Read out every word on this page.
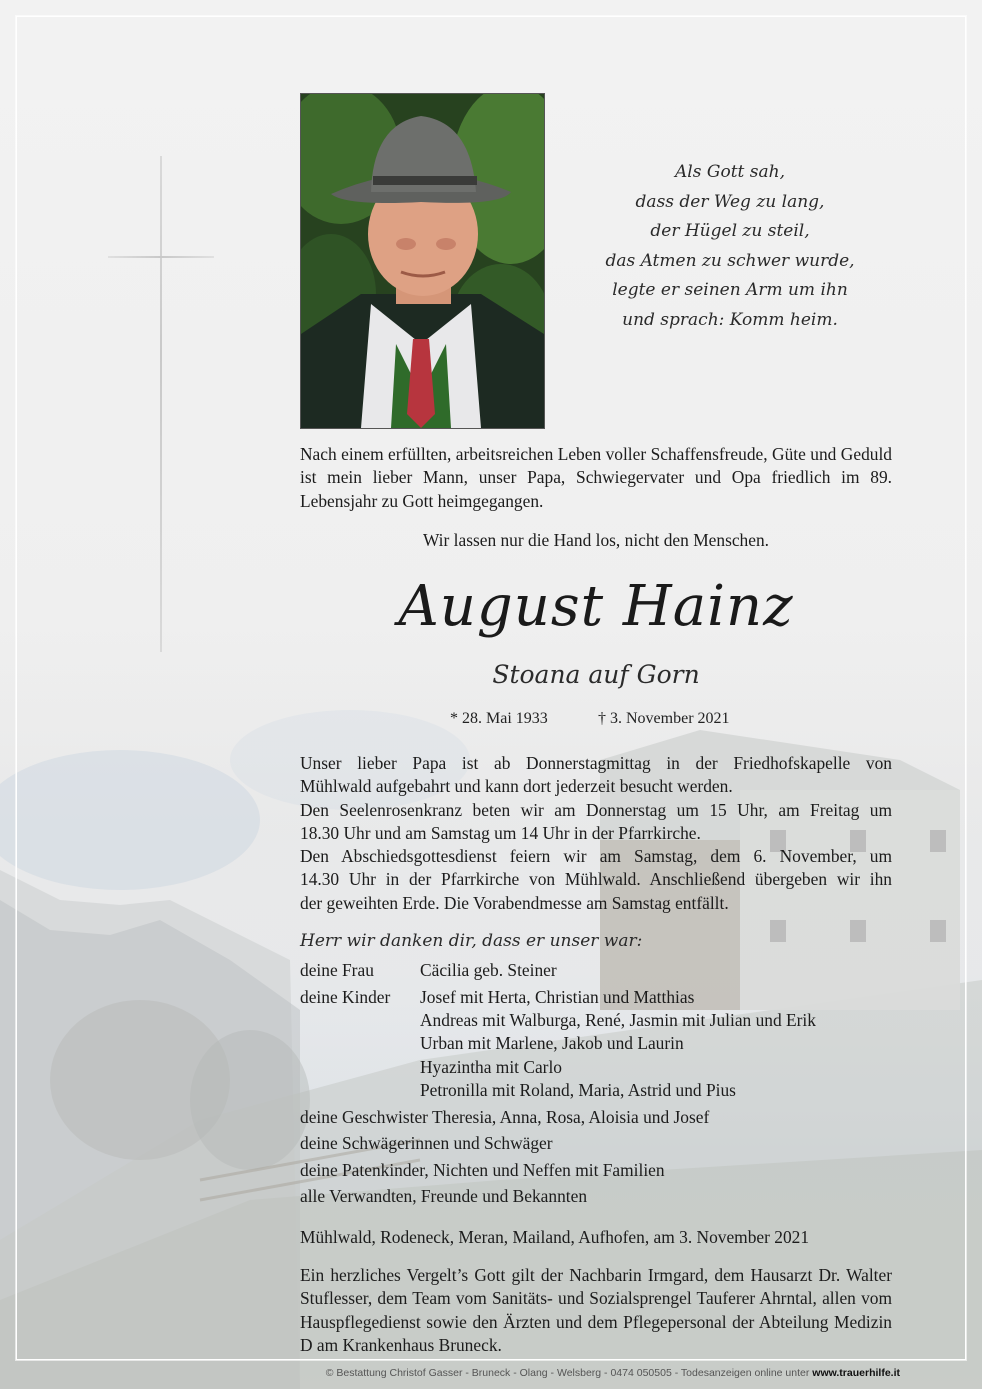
Als Gott sah,
dass der Weg zu lang,
der Hügel zu steil,
das Atmen zu schwer wurde,
legte er seinen Arm um ihn
und sprach: Komm heim.
Nach einem erfüllten, arbeitsreichen Leben voller Schaffensfreude, Güte und Geduld ist mein lieber Mann, unser Papa, Schwiegervater und Opa friedlich im 89. Lebensjahr zu Gott heimgegangen.
Wir lassen nur die Hand los, nicht den Menschen.
August Hainz
Stoana auf Gorn
* 28. Mai 1933	† 3. November 2021
Unser lieber Papa ist ab Donnerstagmittag in der Friedhofskapelle von
Mühlwald aufgebahrt und kann dort jederzeit besucht werden.
Den Seelenrosenkranz beten wir am Donnerstag um 15 Uhr, am Freitag um
18.30 Uhr und am Samstag um 14 Uhr in der Pfarrkirche.
Den Abschiedsgottesdienst feiern wir am Samstag, dem 6. November, um
14.30 Uhr in der Pfarrkirche von Mühlwald. Anschließend übergeben wir ihn
der geweihten Erde. Die Vorabendmesse am Samstag entfällt.
Herr wir danken dir, dass er unser war:
deine Frau	Cäcilia geb. Steiner
deine Kinder Josef mit Herta, Christian und Matthias
Andreas mit Walburga, René, Jasmin mit Julian und Erik
Urban mit Marlene, Jakob und Laurin
Hyazintha mit Carlo
Petronilla mit Roland, Maria, Astrid und Pius
deine Geschwister Theresia, Anna, Rosa, Aloisia und Josef
deine Schwägerinnen und Schwäger
deine Patenkinder, Nichten und Neffen mit Familien
alle Verwandten, Freunde und Bekannten
Mühlwald, Rodeneck, Meran, Mailand, Aufhofen, am 3. November 2021
Ein herzliches Vergelt’s Gott gilt der Nachbarin Irmgard, dem Hausarzt Dr. Walter Stuflesser, dem Team vom Sanitäts- und Sozialsprengel Tauferer Ahrntal, allen vom Hauspflegedienst sowie den Ärzten und dem Pflegepersonal der Abteilung Medizin D am Krankenhaus Bruneck.
© Bestattung Christof Gasser - Bruneck - Olang - Welsberg - 0474 050505 - Todesanzeigen online unter www.trauerhilfe.it
